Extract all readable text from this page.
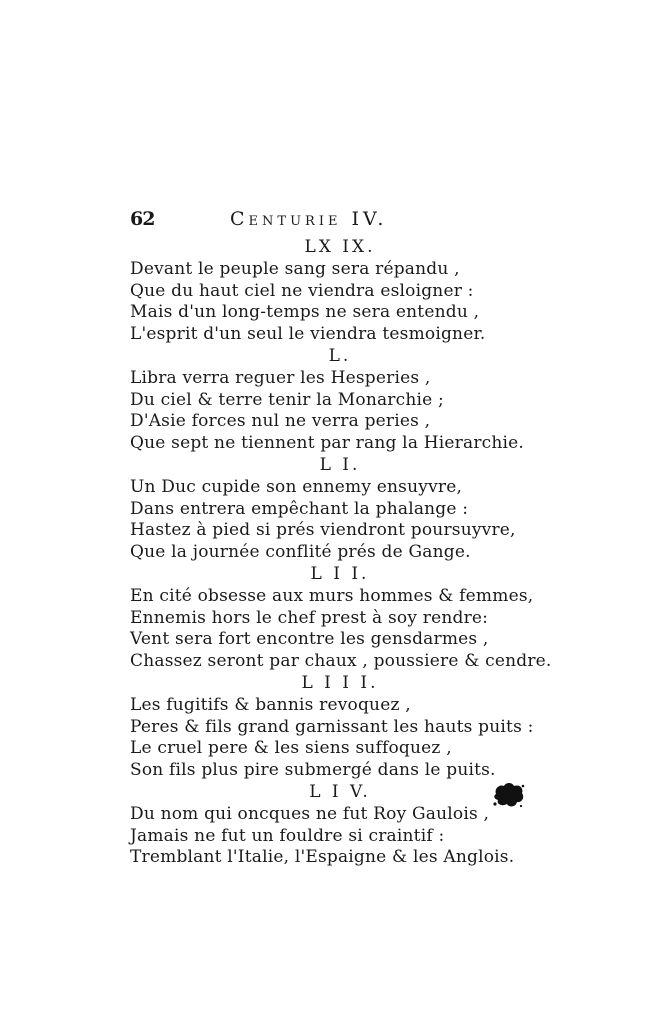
62	Centurie IV.
LX IX.
Devant le peuple sang sera répandu ,
Que du haut ciel ne viendra esloigner :
Mais d'un long-temps ne sera entendu ,
L'esprit d'un seul le viendra tesmoigner.
L.
Libra verra reguer les Hesperies ,
Du ciel & terre tenir la Monarchie ;
D'Asie forces nul ne verra peries ,
Que sept ne tiennent par rang la Hierarchie.
L I.
Un Duc cupide son ennemy ensuyvre,
Dans entrera empêchant la phalange :
Hastez à pied si prés viendront poursuyvre,
Que la journée conflité prés de Gange.
L I I.
En cité obsesse aux murs hommes & femmes,
Ennemis hors le chef prest à soy rendre:
Vent sera fort encontre les gensdarmes ,
Chassez seront par chaux , poussiere & cendre.
L I I I.
Les fugitifs & bannis revoquez ,
Peres & fils grand garnissant les hauts puits :
Le cruel pere & les siens suffoquez ,
Son fils plus pire submergé dans le puits.
L I V.
Du nom qui oncques ne fut Roy Gaulois ,
Jamais ne fut un fouldre si craintif :
Tremblant l'Italie, l'Espaigne & les Anglois.
